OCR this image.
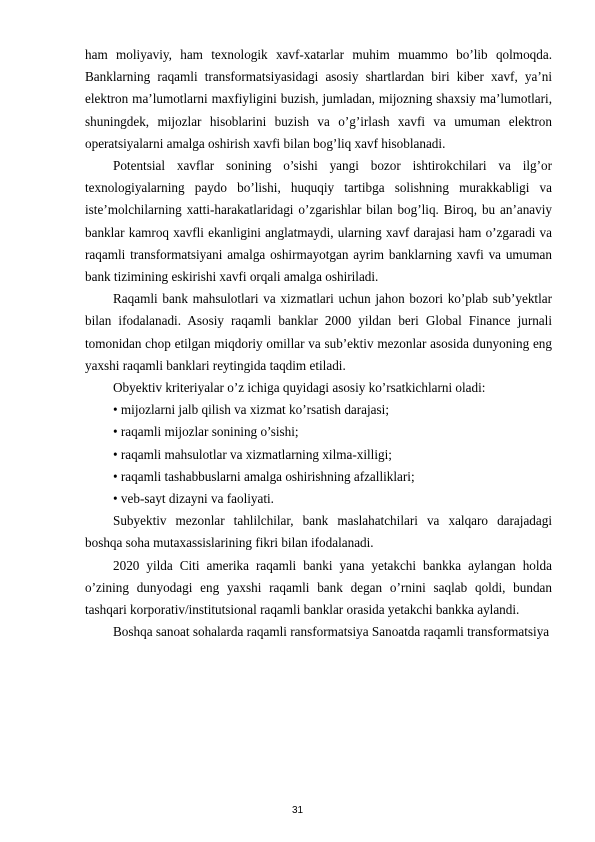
ham moliyaviy, ham texnologik xavf-xatarlar muhim muammo bo’lib qolmoqda. Banklarning raqamli transformatsiyasidagi asosiy shartlardan biri kiber xavf, ya’ni elektron ma’lumotlarni maxfiyligini buzish, jumladan, mijozning shaxsiy ma’lumotlari, shuningdek, mijozlar hisoblarini buzish va o’g’irlash xavfi va umuman elektron operatsiyalarni amalga oshirish xavfi bilan bog’liq xavf hisoblanadi.

Potentsial xavflar sonining o’sishi yangi bozor ishtirokchilari va ilg’or texnologiyalarning paydo bo’lishi, huquqiy tartibga solishning murakkabligi va iste’molchilarning xatti-harakatlaridagi o’zgarishlar bilan bog’liq. Biroq, bu an’anaviy banklar kamroq xavfli ekanligini anglatmaydi, ularning xavf darajasi ham o’zgaradi va raqamli transformatsiyani amalga oshirmayotgan ayrim banklarning xavfi va umuman bank tizimining eskirishi xavfi orqali amalga oshiriladi.

Raqamli bank mahsulotlari va xizmatlari uchun jahon bozori ko’plab sub’yektlar bilan ifodalanadi. Asosiy raqamli banklar 2000 yildan beri Global Finance jurnali tomonidan chop etilgan miqdoriy omillar va sub’ektiv mezonlar asosida dunyoning eng yaxshi raqamli banklari reytingida taqdim etiladi.

Obyektiv kriteriyalar o’z ichiga quyidagi asosiy ko’rsatkichlarni oladi:

• mijozlarni jalb qilish va xizmat ko’rsatish darajasi;

• raqamli mijozlar sonining o’sishi;

• raqamli mahsulotlar va xizmatlarning xilma-xilligi;

• raqamli tashabbuslarni amalga oshirishning afzalliklari;

• veb-sayt dizayni va faoliyati.

Subyektiv mezonlar tahlilchilar, bank maslahatchilari va xalqaro darajadagi boshqa soha mutaxassislarining fikri bilan ifodalanadi.

2020 yilda Citi amerika raqamli banki yana yetakchi bankka aylangan holda o’zining dunyodagi eng yaxshi raqamli bank degan o’rnini saqlab qoldi, bundan tashqari korporativ/institutsional raqamli banklar orasida yetakchi bankka aylandi.

Boshqa sanoat sohalarda raqamli ransformatsiya Sanoatda raqamli transformatsiya

31
